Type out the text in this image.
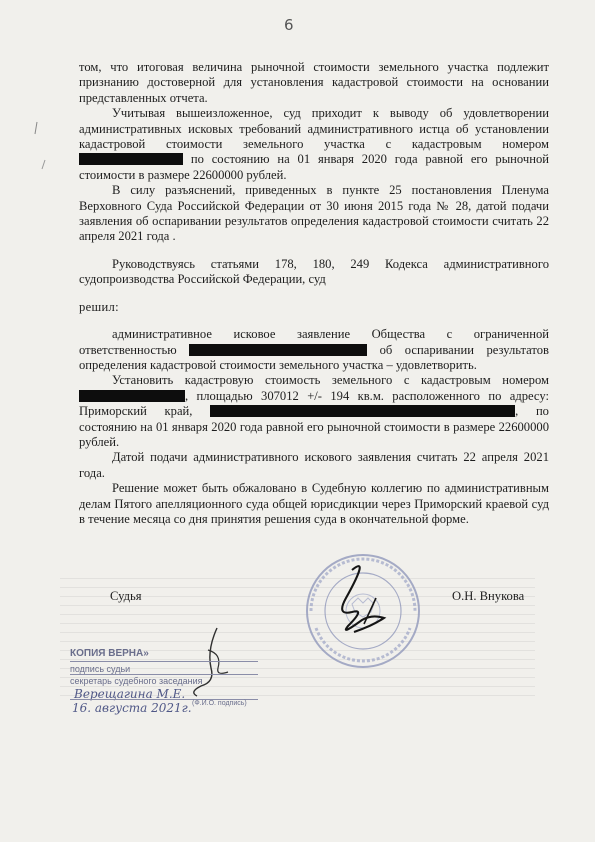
6

том, что итоговая величина рыночной стоимости земельного участка подлежит признанию достоверной для установления кадастровой стоимости на основании представленных отчета.

Учитывая вышеизложенное, суд приходит к выводу об удовлетворении административных исковых требований административного истца об установлении кадастровой стоимости земельного участка с кадастровым номером  по состоянию на 01 января 2020 года равной его рыночной стоимости в размере 22600000 рублей.

В силу разъяснений, приведенных в пункте 25 постановления Пленума Верховного Суда Российской Федерации от 30 июня 2015 года № 28, датой подачи заявления об оспаривании результатов определения кадастровой стоимости считать 22 апреля 2021 года .

Руководствуясь статьями 178, 180, 249 Кодекса административного судопроизводства Российской Федерации, суд

решил:

административное исковое заявление Общества с ограниченной ответственностью	об оспаривании результатов определения кадастровой стоимости земельного участка – удовлетворить.

Установить кадастровую стоимость земельного с кадастровым номером , площадью 307012 +/- 194 кв.м. расположенного по адресу: Приморский край,	, по состоянию на 01 января 2020 года равной его рыночной стоимости в размере 22600000 рублей.

Датой подачи административного искового заявления считать 22 апреля 2021 года.

Решение может быть обжаловано в Судебную коллегию по административным делам Пятого апелляционного суда общей юрисдикции через Приморский краевой суд в течение месяца со дня принятия решения суда в окончательной форме.

Судья	О.Н. Внукова
КОПИЯ ВЕРНА»
подпись судьи
секретарь судебного заседания
Верещагина М.Е.
(Ф.И.О. подпись)
16. августа 2021г.
